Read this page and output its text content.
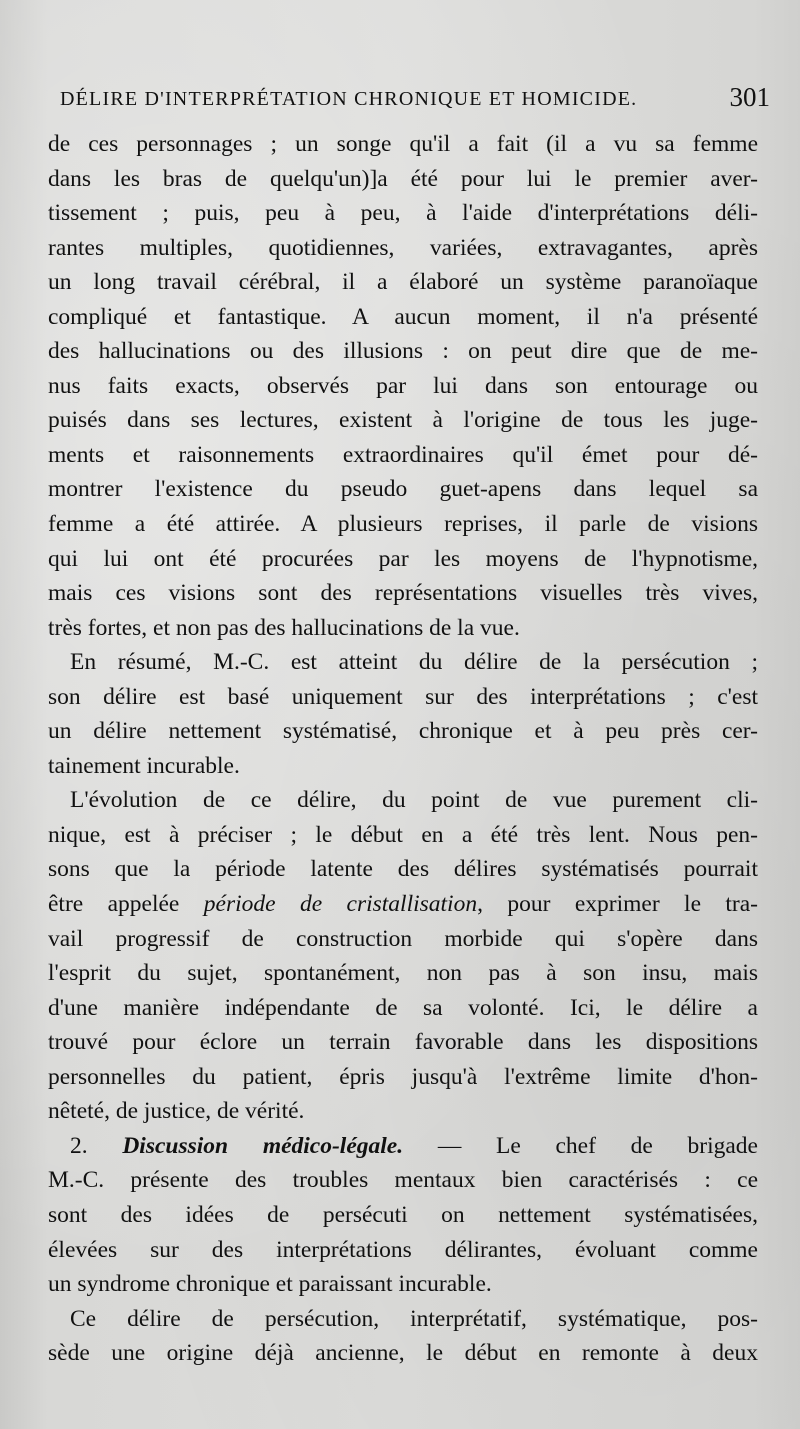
DÉLIRE D'INTERPRÉTATION CHRONIQUE ET HOMICIDE.	301
de ces personnages ; un songe qu'il a fait (il a vu sa femme
dans les bras de quelqu'un)]a été pour lui le premier aver-
tissement ; puis, peu à peu, à l'aide d'interprétations déli-
rantes multiples, quotidiennes, variées, extravagantes, après
un long travail cérébral, il a élaboré un système paranoïaque
compliqué et fantastique. A aucun moment, il n'a présenté
des hallucinations ou des illusions : on peut dire que de me-
nus faits exacts, observés par lui dans son entourage ou
puisés dans ses lectures, existent à l'origine de tous les juge-
ments et raisonnements extraordinaires qu'il émet pour dé-
montrer l'existence du pseudo guet-apens dans lequel sa
femme a été attirée. A plusieurs reprises, il parle de visions
qui lui ont été procurées par les moyens de l'hypnotisme,
mais ces visions sont des représentations visuelles très vives,
très fortes, et non pas des hallucinations de la vue.
En résumé, M.-C. est atteint du délire de la persécution ;
son délire est basé uniquement sur des interprétations ; c'est
un délire nettement systématisé, chronique et à peu près cer-
tainement incurable.
L'évolution de ce délire, du point de vue purement cli-
nique, est à préciser ; le début en a été très lent. Nous pen-
sons que la période latente des délires systématisés pourrait
être appelée période de cristallisation, pour exprimer le tra-
vail progressif de construction morbide qui s'opère dans
l'esprit du sujet, spontanément, non pas à son insu, mais
d'une manière indépendante de sa volonté. Ici, le délire a
trouvé pour éclore un terrain favorable dans les dispositions
personnelles du patient, épris jusqu'à l'extrême limite d'hon-
nêteté, de justice, de vérité.
2. Discussion médico-légale. — Le chef de brigade
M.-C. présente des troubles mentaux bien caractérisés : ce
sont des idées de persécuti on nettement systématisées,
élevées sur des interprétations délirantes, évoluant comme
un syndrome chronique et paraissant incurable.
Ce délire de persécution, interprétatif, systématique, pos-
sède une origine déjà ancienne, le début en remonte à deux
